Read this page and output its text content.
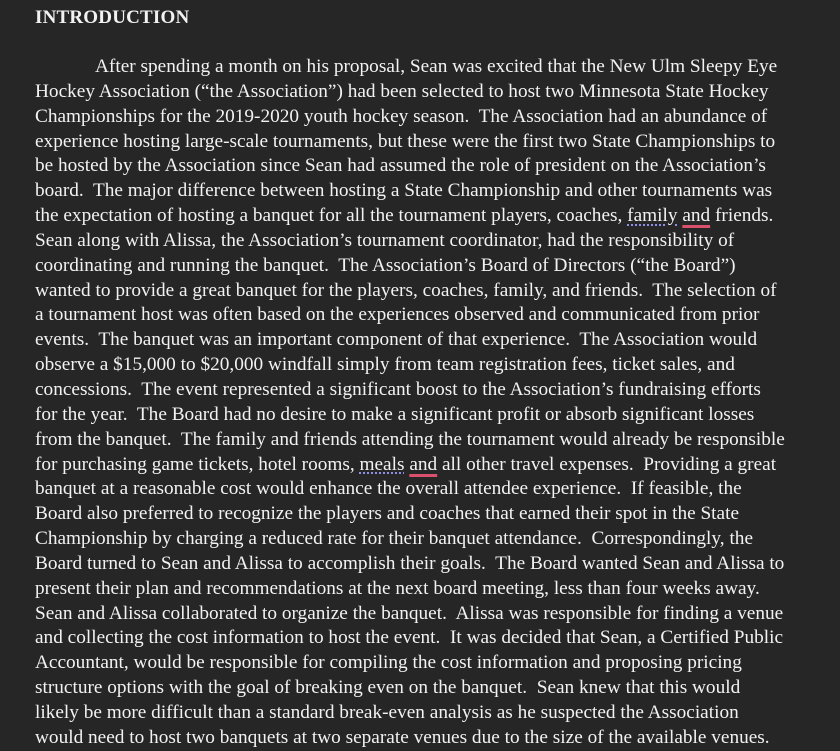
INTRODUCTION
After spending a month on his proposal, Sean was excited that the New Ulm Sleepy Eye
Hockey Association (“the Association”) had been selected to host two Minnesota State Hockey
Championships for the 2019-2020 youth hockey season.  The Association had an abundance of
experience hosting large-scale tournaments, but these were the first two State Championships to
be hosted by the Association since Sean had assumed the role of president on the Association’s
board.  The major difference between hosting a State Championship and other tournaments was
the expectation of hosting a banquet for all the tournament players, coaches, family and friends.
Sean along with Alissa, the Association’s tournament coordinator, had the responsibility of
coordinating and running the banquet.  The Association’s Board of Directors (“the Board”)
wanted to provide a great banquet for the players, coaches, family, and friends.  The selection of
a tournament host was often based on the experiences observed and communicated from prior
events.  The banquet was an important component of that experience.  The Association would
observe a $15,000 to $20,000 windfall simply from team registration fees, ticket sales, and
concessions.  The event represented a significant boost to the Association’s fundraising efforts
for the year.  The Board had no desire to make a significant profit or absorb significant losses
from the banquet.  The family and friends attending the tournament would already be responsible
for purchasing game tickets, hotel rooms, meals and all other travel expenses.  Providing a great
banquet at a reasonable cost would enhance the overall attendee experience.  If feasible, the
Board also preferred to recognize the players and coaches that earned their spot in the State
Championship by charging a reduced rate for their banquet attendance.  Correspondingly, the
Board turned to Sean and Alissa to accomplish their goals.  The Board wanted Sean and Alissa to
present their plan and recommendations at the next board meeting, less than four weeks away.
Sean and Alissa collaborated to organize the banquet.  Alissa was responsible for finding a venue
and collecting the cost information to host the event.  It was decided that Sean, a Certified Public
Accountant, would be responsible for compiling the cost information and proposing pricing
structure options with the goal of breaking even on the banquet.  Sean knew that this would
likely be more difficult than a standard break-even analysis as he suspected the Association
would need to host two banquets at two separate venues due to the size of the available venues.
